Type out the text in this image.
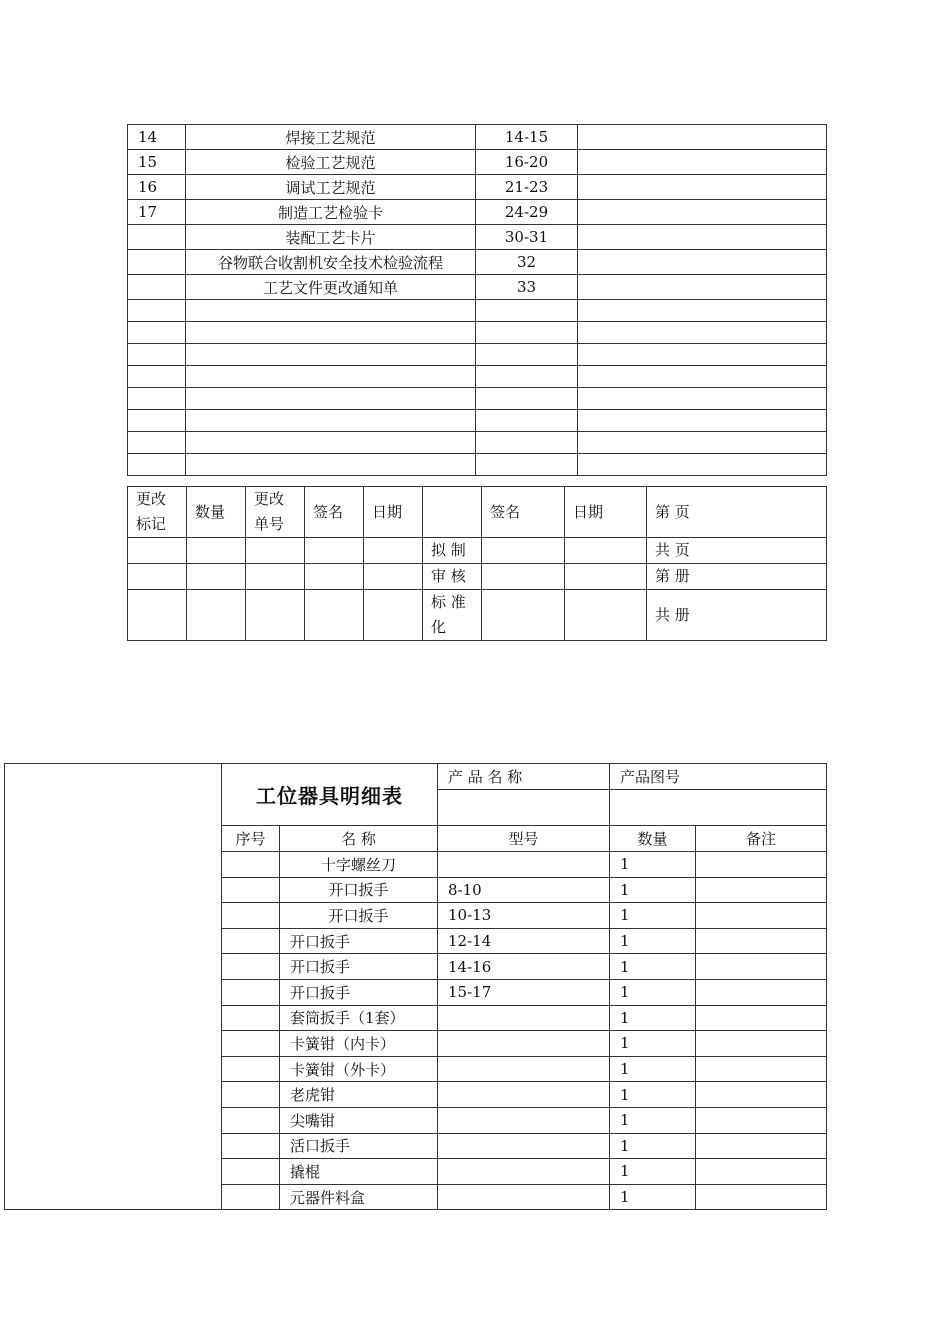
14	焊接工艺规范	14-15	
15	检验工艺规范	16-20	
16	调试工艺规范	21-23	
17	制造工艺检验卡	24-29	
	装配工艺卡片	30-31	
	谷物联合收割机安全技术检验流程	32	
	工艺文件更改通知单	33	

更改标记	数量	更改单号	签名	日期		签名	日期	第 页
					拟 制			共 页
					审 核			第 册
					标 准 化			共 册
工位器具明细表		产 品 名 称	产品图号	

序号	名 称	型号	数量	备注
	十字螺丝刀		1	
	开口扳手	8-10	1	
	开口扳手	10-13	1	
	开口扳手	12-14	1	
	开口扳手	14-16	1	
	开口扳手	15-17	1	
	套筒扳手（1套）		1	
	卡簧钳（内卡）		1	
	卡簧钳（外卡）		1	
	老虎钳		1	
	尖嘴钳		1	
	活口扳手		1	
	撬棍		1	
	元器件料盒		1	
